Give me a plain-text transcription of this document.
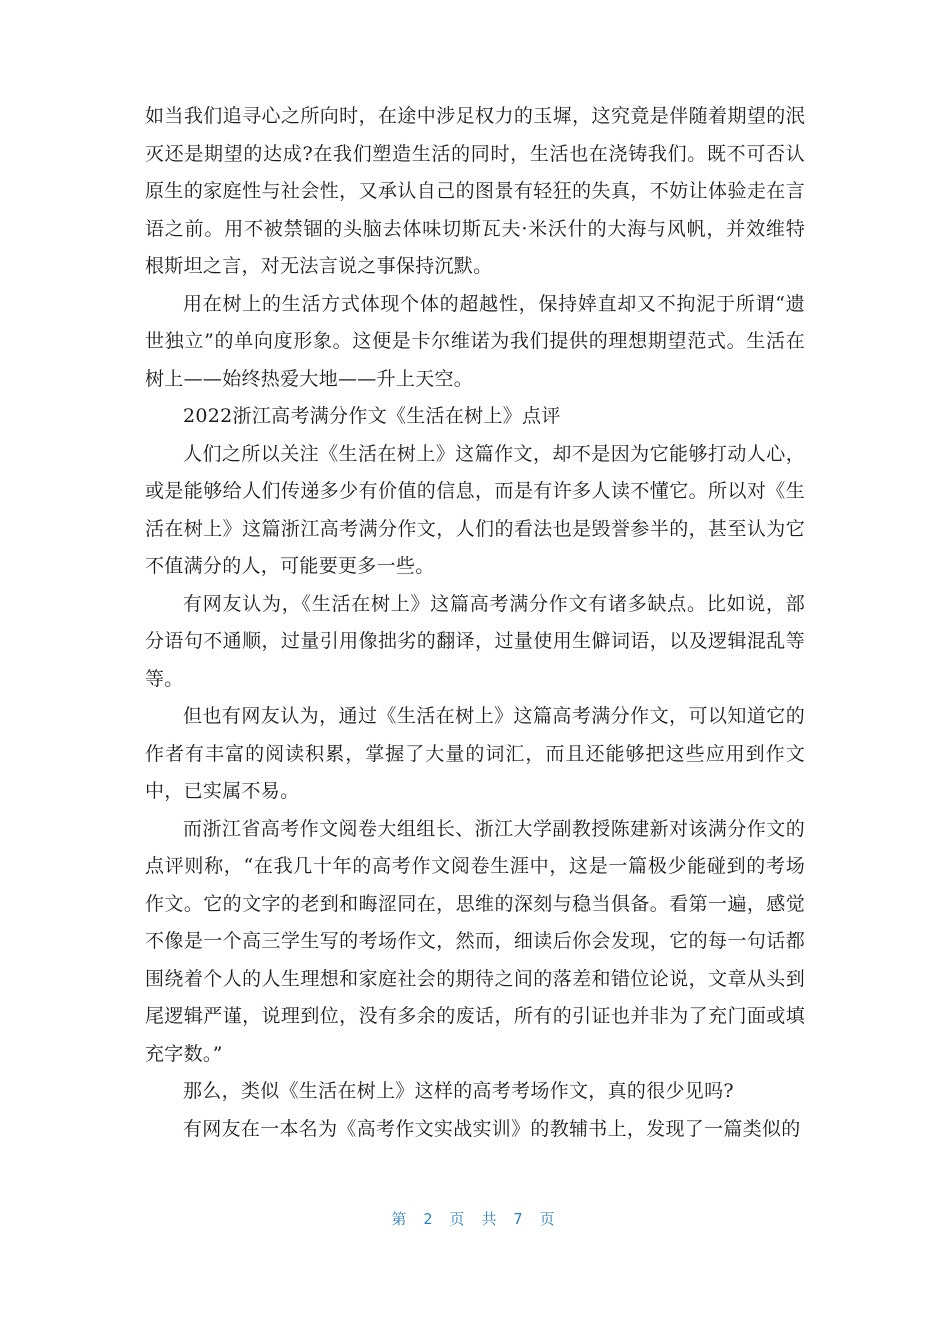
如当我们追寻心之所向时，在途中涉足权力的玉墀，这究竟是伴随着期望的泯灭还是期望的达成?在我们塑造生活的同时，生活也在浇铸我们。既不可否认原生的家庭性与社会性，又承认自己的图景有轻狂的失真，不妨让体验走在言语之前。用不被禁锢的头脑去体味切斯瓦夫·米沃什的大海与风帆，并效维特根斯坦之言，对无法言说之事保持沉默。

用在树上的生活方式体现个体的超越性，保持婞直却又不拘泥于所谓“遗世独立”的单向度形象。这便是卡尔维诺为我们提供的理想期望范式。生活在树上——始终热爱大地——升上天空。

2022浙江高考满分作文《生活在树上》点评

人们之所以关注《生活在树上》这篇作文，却不是因为它能够打动人心，或是能够给人们传递多少有价值的信息，而是有许多人读不懂它。所以对《生活在树上》这篇浙江高考满分作文，人们的看法也是毁誉参半的，甚至认为它不值满分的人，可能要更多一些。

有网友认为，《生活在树上》这篇高考满分作文有诸多缺点。比如说，部分语句不通顺，过量引用像拙劣的翻译，过量使用生僻词语，以及逻辑混乱等等。

但也有网友认为，通过《生活在树上》这篇高考满分作文，可以知道它的作者有丰富的阅读积累，掌握了大量的词汇，而且还能够把这些应用到作文中，已实属不易。

而浙江省高考作文阅卷大组组长、浙江大学副教授陈建新对该满分作文的点评则称，“在我几十年的高考作文阅卷生涯中，这是一篇极少能碰到的考场作文。它的文字的老到和晦涩同在，思维的深刻与稳当俱备。看第一遍，感觉不像是一个高三学生写的考场作文，然而，细读后你会发现，它的每一句话都围绕着个人的人生理想和家庭社会的期待之间的落差和错位论说，文章从头到尾逻辑严谨，说理到位，没有多余的废话，所有的引证也并非为了充门面或填充字数。”

那么，类似《生活在树上》这样的高考考场作文，真的很少见吗?

有网友在一本名为《高考作文实战实训》的教辅书上，发现了一篇类似的

第 2 页 共 7 页
